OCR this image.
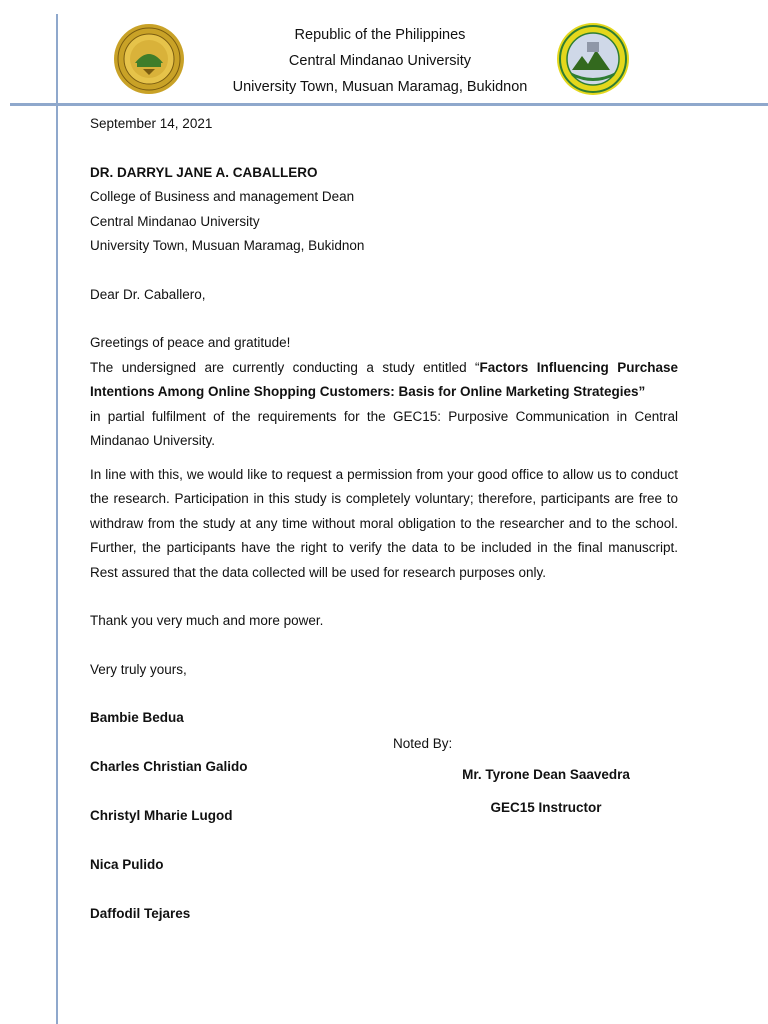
Republic of the Philippines
Central Mindanao University
University Town, Musuan Maramag, Bukidnon

September 14, 2021

DR. DARRYL JANE A. CABALLERO

College of Business and management Dean

Central Mindanao University

University Town, Musuan Maramag, Bukidnon

Dear Dr. Caballero,

Greetings of peace and gratitude!

The undersigned are currently conducting a study entitled “Factors Influencing Purchase Intentions Among Online Shopping Customers: Basis for Online Marketing Strategies”

in partial fulfilment of the requirements for the GEC15: Purposive Communication in Central Mindanao University.

In line with this, we would like to request a permission from your good office to allow us to conduct the research. Participation in this study is completely voluntary; therefore, participants are free to withdraw from the study at any time without moral obligation to the researcher and to the school. Further, the participants have the right to verify the data to be included in the final manuscript. Rest assured that the data collected will be used for research purposes only.

Thank you very much and more power.

Very truly yours,

Bambie Bedua

Charles Christian Galido

Christyl Mharie Lugod

Nica Pulido

Daffodil Tejares

Noted By:
Mr. Tyrone Dean Saavedra
GEC15 Instructor
